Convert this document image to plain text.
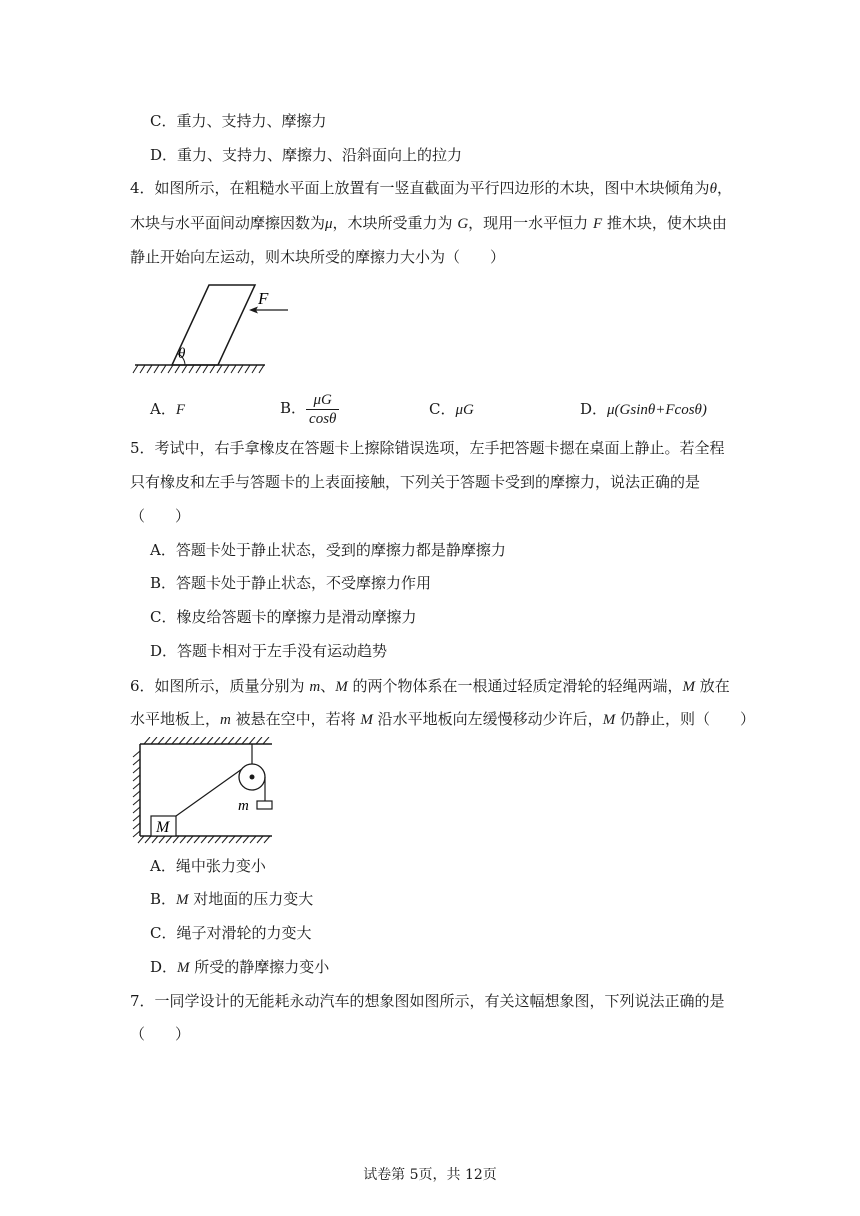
C．重力、支持力、摩擦力
D．重力、支持力、摩擦力、沿斜面向上的拉力
4．如图所示，在粗糙水平面上放置有一竖直截面为平行四边形的木块，图中木块倾角为θ，
木块与水平面间动摩擦因数为μ，木块所受重力为 G，现用一水平恒力 F 推木块，使木块由
静止开始向左运动，则木块所受的摩擦力大小为（　　）
F
θ
A．F	B． $\frac{\mu G}{\cos\theta}$	C．μG	D．μ(Gsinθ+Fcosθ)
5．考试中，右手拿橡皮在答题卡上擦除错误选项，左手把答题卡摁在桌面上静止。若全程
只有橡皮和左手与答题卡的上表面接触，下列关于答题卡受到的摩擦力，说法正确的是
（　　）
A．答题卡处于静止状态，受到的摩擦力都是静摩擦力
B．答题卡处于静止状态，不受摩擦力作用
C．橡皮给答题卡的摩擦力是滑动摩擦力
D．答题卡相对于左手没有运动趋势
6．如图所示，质量分别为 m、M 的两个物体系在一根通过轻质定滑轮的轻绳两端，M 放在
水平地板上，m 被悬在空中，若将 M 沿水平地板向左缓慢移动少许后，M 仍静止，则（　　）
m
M
A．绳中张力变小
B．M 对地面的压力变大
C．绳子对滑轮的力变大
D．M 所受的静摩擦力变小
7．一同学设计的无能耗永动汽车的想象图如图所示，有关这幅想象图，下列说法正确的是
（　　）
试卷第 5页，共 12页
